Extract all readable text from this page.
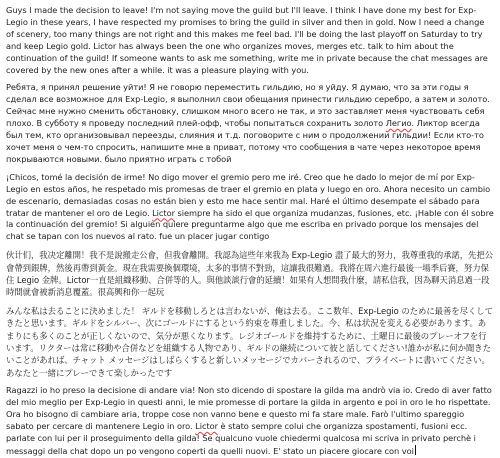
Guys I made the decision to leave! I'm not saying move the guild but I'll leave. I think I have done my best for Exp-Legio in these years, I have respected my promises to bring the guild in silver and then in gold. Now I need a change of scenery, too many things are not right and this makes me feel bad. I'll be doing the last playoff on Saturday to try and keep Legio gold. Lictor has always been the one who organizes moves, merges etc. talk to him about the continuation of the guild! If someone wants to ask me something, write me in private because the chat messages are covered by the new ones after a while. it was a pleasure playing with you.

Ребята, я принял решение уйти! Я не говорю переместить гильдию, но я уйду. Я думаю, что за эти годы я сделал все возможное для Exp-Legio, я выполнил свои обещания принести гильдию серебро, а затем и золото. Сейчас мне нужно сменить обстановку, слишком много всего не так, и это заставляет меня чувствовать себя плохо. В субботу я проведу последний плей-офф, чтобы попытаться сохранить золото Легио. Ликтор всегда был тем, кто организовывал переезды, слияния и т.д. поговорите с ним о продолжении гильдии! Если кто-то хочет меня о чем-то спросить, напишите мне в приват, потому что сообщения в чате через некоторое время покрываются новыми. было приятно играть с тобой

¡Chicos, tomé la decisión de irme! No digo mover el gremio pero me iré. Creo que he dado lo mejor de mí por Exp-Legio en estos años, he respetado mis promesas de traer el gremio en plata y luego en oro. Ahora necesito un cambio de escenario, demasiadas cosas no están bien y esto me hace sentir mal. Haré el último desempate el sábado para tratar de mantener el oro de Legio. Lictor siempre ha sido el que organiza mudanzas, fusiones, etc. ¡Hable con él sobre la continuación del gremio! Si alguien quiere preguntarme algo que me escriba en privado porque los mensajes del chat se tapan con los nuevos al rato. fue un placer jugar contigo

伙计们，我决定離開！我不是說搬走公會，但我會離開。我認為這些年來我為 Exp-Legio 盡了最大的努力，我尊重我的承諾，先把公會帶到銀牌，然後再帶到黃金。現在我需要換個環境，太多的事情不對勁，這讓我很難過。我將在周六進行最後一場季后賽，努力保住 Legio 金牌。Lictor一直是組織移動、合併等的人。與他談談行會的延續！如果有人想問我什麼，請私信我，因為聊天消息過一段時間就會被新消息覆蓋。很高興和你一起玩

みんな私は去ることに決めました！ ギルドを移動しろとは言わないが、俺は去る。ここ数年、Exp-Legio のために最善を尽くしてきたと思います。ギルドをシルバー、次にゴールドにするという約束を尊重しました。今、私は状況を変える必要があります。あまりにも多くのことが正しくないので、気分が悪くなります。レジオゴールドを維持するために、土曜日に最後のプレーオフを行います。リクターは常に移動や合併などを組織する人物であり、ギルドの継続について彼と話してください!誰かが私に何か聞きたいことがあれば、チャット メッセージはしばらくすると新しいメッセージでカバーされるので、プライベートに書いてください。あなたと一緒にプレーできて楽しかったです

Ragazzi io ho preso la decisione di andare via! Non sto dicendo di spostare la gilda ma andrò via io. Credo di aver fatto del mio meglio per Exp-Legio in questi anni, le mie promesse di portare la gilda in argento e poi in oro le ho rispettate. Ora ho bisogno di cambiare aria, troppe cose non vanno bene e questo mi fa stare male. Farò l'ultimo spareggio sabato per cercare di mantenere Legio in oro. Lictor è stato sempre colui che organizza spostamenti, fusioni ecc. parlate con lui per il proseguimento della gilda! Se qualcuno vuole chiedermi qualcosa mi scriva in privato perchè i messaggi della chat dopo un po vengono coperti da quelli nuovi. E' stato un piacere giocare con voi
